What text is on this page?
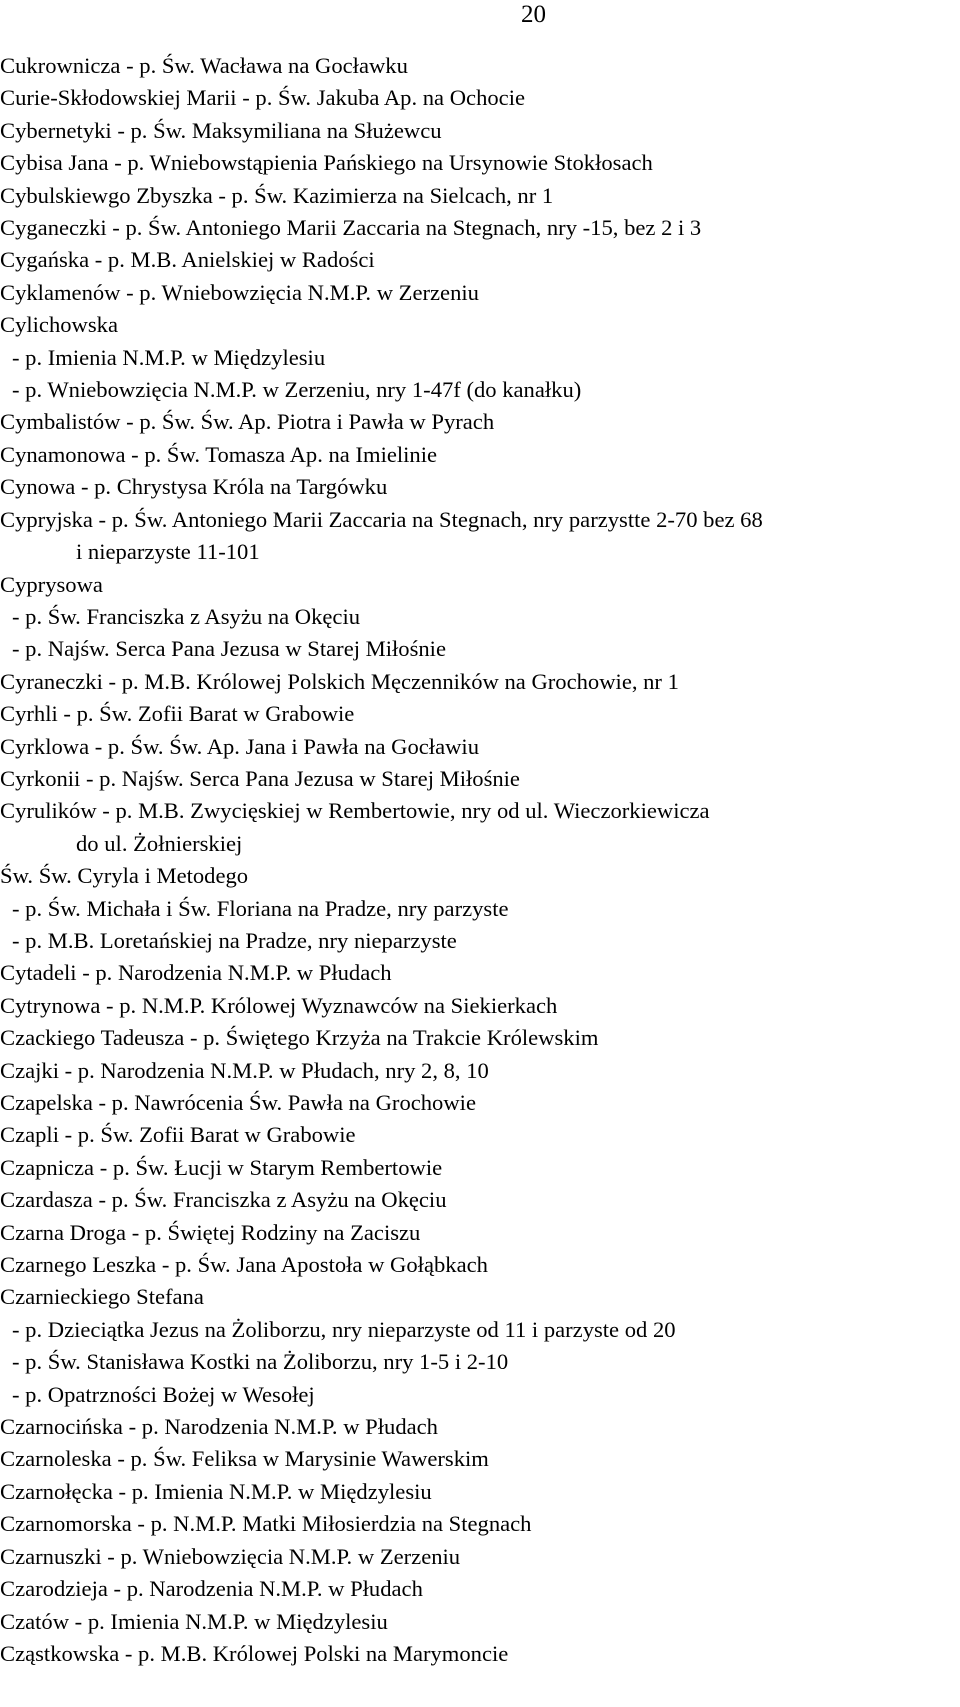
20
Cukrownicza - p. Św. Wacława na Gocławku
Curie-Skłodowskiej Marii - p. Św. Jakuba Ap. na Ochocie
Cybernetyki - p. Św. Maksymiliana na Służewcu
Cybisa Jana - p. Wniebowstąpienia Pańskiego na Ursynowie Stokłosach
Cybulskiewgo Zbyszka - p. Św. Kazimierza na Sielcach, nr 1
Cyganeczki - p. Św. Antoniego Marii Zaccaria na Stegnach, nry -15, bez 2 i 3
Cygańska - p. M.B. Anielskiej w Radości
Cyklamenów - p. Wniebowzięcia N.M.P. w Zerzeniu
Cylichowska
- p. Imienia N.M.P. w Międzylesiu
- p. Wniebowzięcia N.M.P. w Zerzeniu, nry 1-47f (do kanałku)
Cymbalistów - p. Św. Św. Ap. Piotra i Pawła w Pyrach
Cynamonowa - p. Św. Tomasza Ap. na Imielinie
Cynowa - p. Chrystysa Króla na Targówku
Cypryjska - p. Św. Antoniego Marii Zaccaria na Stegnach, nry parzystte 2-70 bez 68
i nieparzyste 11-101
Cyprysowa
- p. Św. Franciszka z Asyżu na Okęciu
- p. Najśw. Serca Pana Jezusa w Starej Miłośnie
Cyraneczki - p. M.B. Królowej Polskich Męczenników na Grochowie, nr 1
Cyrhli - p. Św. Zofii Barat w Grabowie
Cyrklowa - p. Św. Św. Ap. Jana i Pawła na Gocławiu
Cyrkonii - p. Najśw. Serca Pana Jezusa w Starej Miłośnie
Cyrulików - p. M.B. Zwycięskiej w Rembertowie, nry od ul. Wieczorkiewicza
do ul. Żołnierskiej
Św. Św. Cyryla i Metodego
- p. Św. Michała i Św. Floriana na Pradze, nry parzyste
- p. M.B. Loretańskiej na Pradze, nry nieparzyste
Cytadeli - p. Narodzenia N.M.P. w Płudach
Cytrynowa - p. N.M.P. Królowej Wyznawców na Siekierkach
Czackiego Tadeusza - p. Świętego Krzyża na Trakcie Królewskim
Czajki - p. Narodzenia N.M.P. w Płudach, nry 2, 8, 10
Czapelska - p. Nawrócenia Św. Pawła na Grochowie
Czapli - p. Św. Zofii Barat w Grabowie
Czapnicza - p. Św. Łucji w Starym Rembertowie
Czardasza - p. Św. Franciszka z Asyżu na Okęciu
Czarna Droga - p. Świętej Rodziny na Zaciszu
Czarnego Leszka - p. Św. Jana Apostoła w Gołąbkach
Czarnieckiego Stefana
- p. Dzieciątka Jezus na Żoliborzu, nry nieparzyste od 11 i parzyste od 20
- p. Św. Stanisława Kostki na Żoliborzu, nry 1-5 i 2-10
- p. Opatrzności Bożej w Wesołej
Czarnocińska - p. Narodzenia N.M.P. w Płudach
Czarnoleska - p. Św. Feliksa w Marysinie Wawerskim
Czarnołęcka - p. Imienia N.M.P. w Międzylesiu
Czarnomorska - p. N.M.P. Matki Miłosierdzia na Stegnach
Czarnuszki - p. Wniebowzięcia N.M.P. w Zerzeniu
Czarodzieja - p. Narodzenia N.M.P. w Płudach
Czatów - p. Imienia N.M.P. w Międzylesiu
Cząstkowska - p. M.B. Królowej Polski na Marymoncie
